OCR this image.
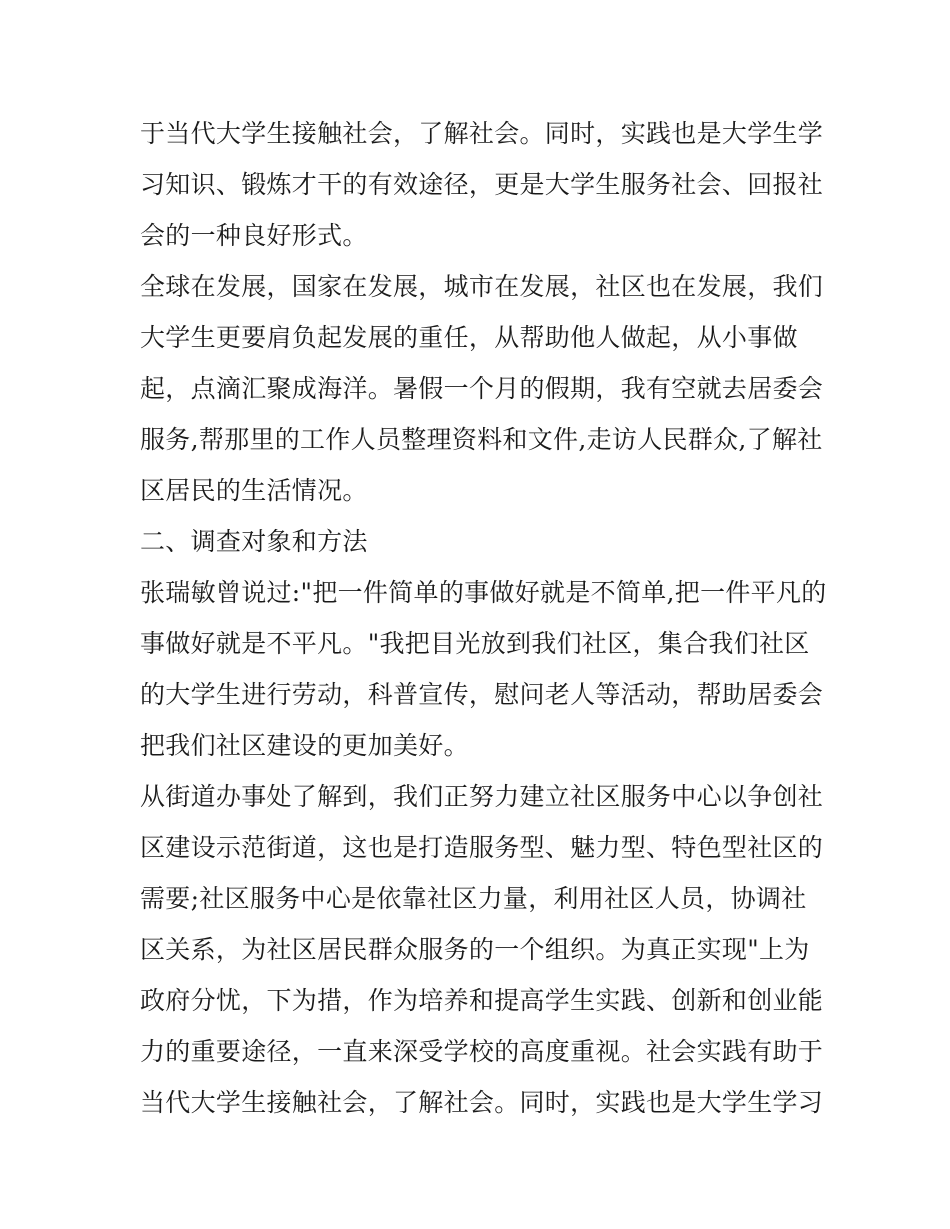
于当代大学生接触社会，了解社会。同时，实践也是大学生学
习知识、锻炼才干的有效途径，更是大学生服务社会、回报社
会的一种良好形式。
全球在发展，国家在发展，城市在发展，社区也在发展，我们
大学生更要肩负起发展的重任，从帮助他人做起，从小事做
起，点滴汇聚成海洋。暑假一个月的假期，我有空就去居委会
服务,帮那里的工作人员整理资料和文件,走访人民群众,了解社
区居民的生活情况。
二、调查对象和方法
张瑞敏曾说过:"把一件简单的事做好就是不简单,把一件平凡的
事做好就是不平凡。"我把目光放到我们社区，集合我们社区
的大学生进行劳动，科普宣传，慰问老人等活动，帮助居委会
把我们社区建设的更加美好。
从街道办事处了解到，我们正努力建立社区服务中心以争创社
区建设示范街道，这也是打造服务型、魅力型、特色型社区的
需要;社区服务中心是依靠社区力量，利用社区人员，协调社
区关系，为社区居民群众服务的一个组织。为真正实现"上为
政府分忧，下为措，作为培养和提高学生实践、创新和创业能
力的重要途径，一直来深受学校的高度重视。社会实践有助于
当代大学生接触社会，了解社会。同时，实践也是大学生学习
